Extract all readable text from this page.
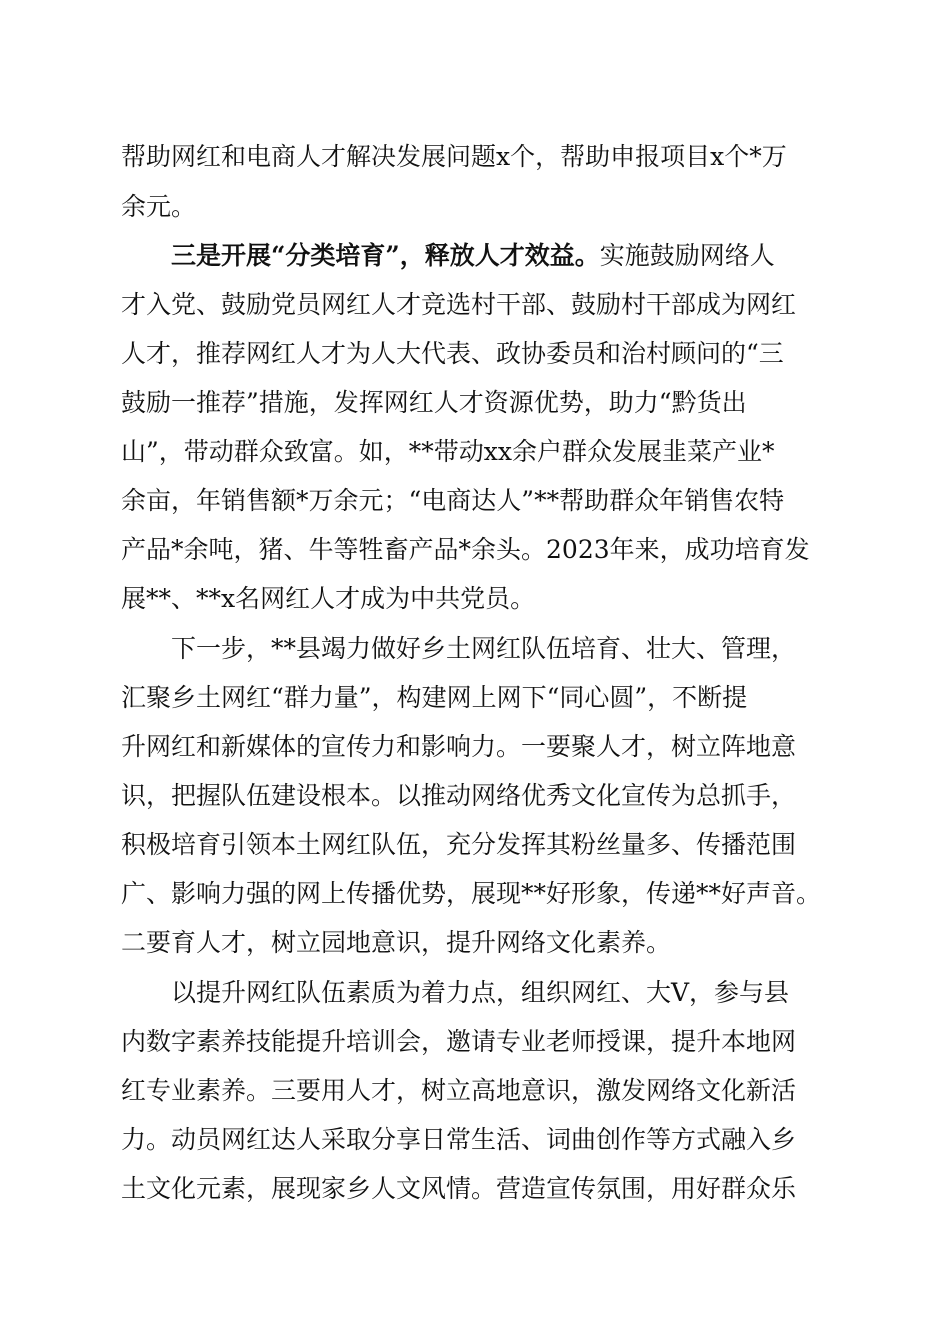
帮助网红和电商人才解决发展问题x个，帮助申报项目x个*万
余元。
三是开展“分类培育”，释放人才效益。实施鼓励网络人
才入党、鼓励党员网红人才竞选村干部、鼓励村干部成为网红
人才，推荐网红人才为人大代表、政协委员和治村顾问的“三
鼓励一推荐”措施，发挥网红人才资源优势，助力“黔货出
山”，带动群众致富。如，**带动xx余户群众发展韭菜产业*
余亩，年销售额*万余元；“电商达人”**帮助群众年销售农特
产品*余吨，猪、牛等牲畜产品*余头。2023年来，成功培育发
展**、**x名网红人才成为中共党员。
下一步，**县竭力做好乡土网红队伍培育、壮大、管理，
汇聚乡土网红“群力量”，构建网上网下“同心圆”，不断提
升网红和新媒体的宣传力和影响力。一要聚人才，树立阵地意
识，把握队伍建设根本。以推动网络优秀文化宣传为总抓手，
积极培育引领本土网红队伍，充分发挥其粉丝量多、传播范围
广、影响力强的网上传播优势，展现**好形象，传递**好声音。
二要育人才，树立园地意识，提升网络文化素养。
以提升网红队伍素质为着力点，组织网红、大V，参与县
内数字素养技能提升培训会，邀请专业老师授课，提升本地网
红专业素养。三要用人才，树立高地意识，激发网络文化新活
力。动员网红达人采取分享日常生活、词曲创作等方式融入乡
土文化元素，展现家乡人文风情。营造宣传氛围，用好群众乐
